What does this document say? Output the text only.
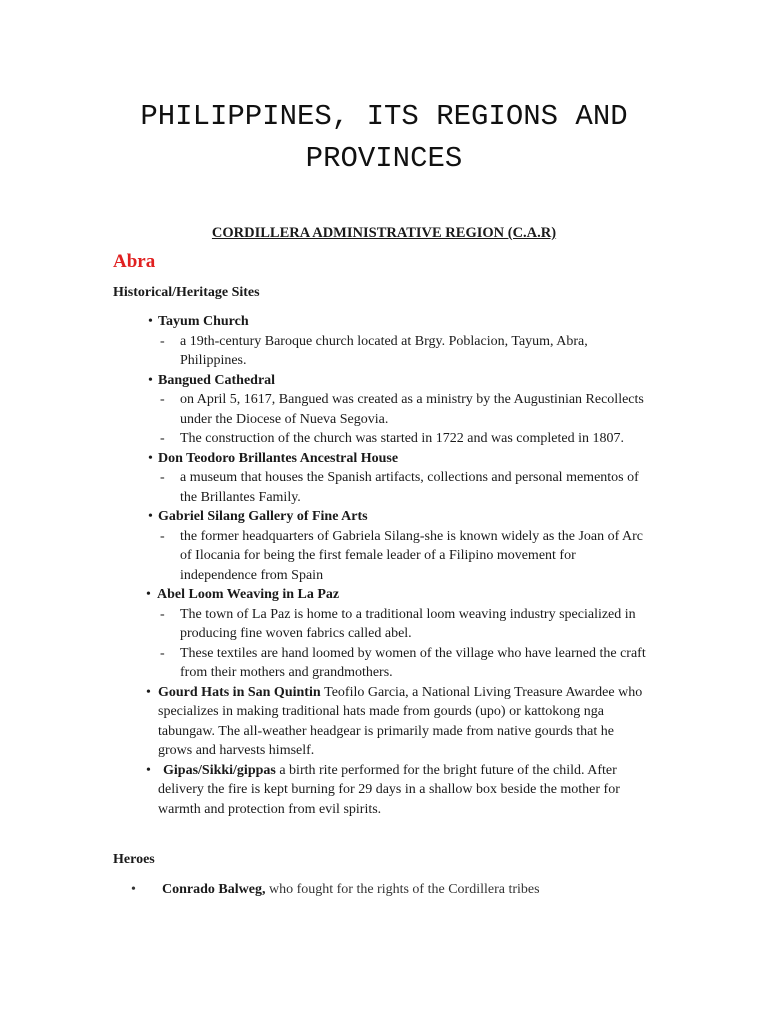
PHILIPPINES, ITS REGIONS AND
PROVINCES
CORDILLERA ADMINISTRATIVE REGION (C.A.R)
Abra
Historical/Heritage Sites
• Tayum Church
- a 19th-century Baroque church located at Brgy. Poblacion, Tayum, Abra, Philippines.
• Bangued Cathedral
- on April 5, 1617, Bangued was created as a ministry by the Augustinian Recollects under the Diocese of Nueva Segovia.
- The construction of the church was started in 1722 and was completed in 1807.
• Don Teodoro Brillantes Ancestral House
- a museum that houses the Spanish artifacts, collections and personal mementos of the Brillantes Family.
• Gabriel Silang Gallery of Fine Arts
- the former headquarters of Gabriela Silang-she is known widely as the Joan of Arc of Ilocania for being the first female leader of a Filipino movement for independence from Spain
• Abel Loom Weaving in La Paz
- The town of La Paz is home to a traditional loom weaving industry specialized in producing fine woven fabrics called abel.
- These textiles are hand loomed by women of the village who have learned the craft from their mothers and grandmothers.
• Gourd Hats in San Quintin Teofilo Garcia, a National Living Treasure Awardee who specializes in making traditional hats made from gourds (upo) or kattokong nga tabungaw. The all-weather headgear is primarily made from native gourds that he grows and harvests himself.
• Gipas/Sikki/gippas a birth rite performed for the bright future of the child. After delivery the fire is kept burning for 29 days in a shallow box beside the mother for warmth and protection from evil spirits.
Heroes
•	Conrado Balweg, who fought for the rights of the Cordillera tribes
